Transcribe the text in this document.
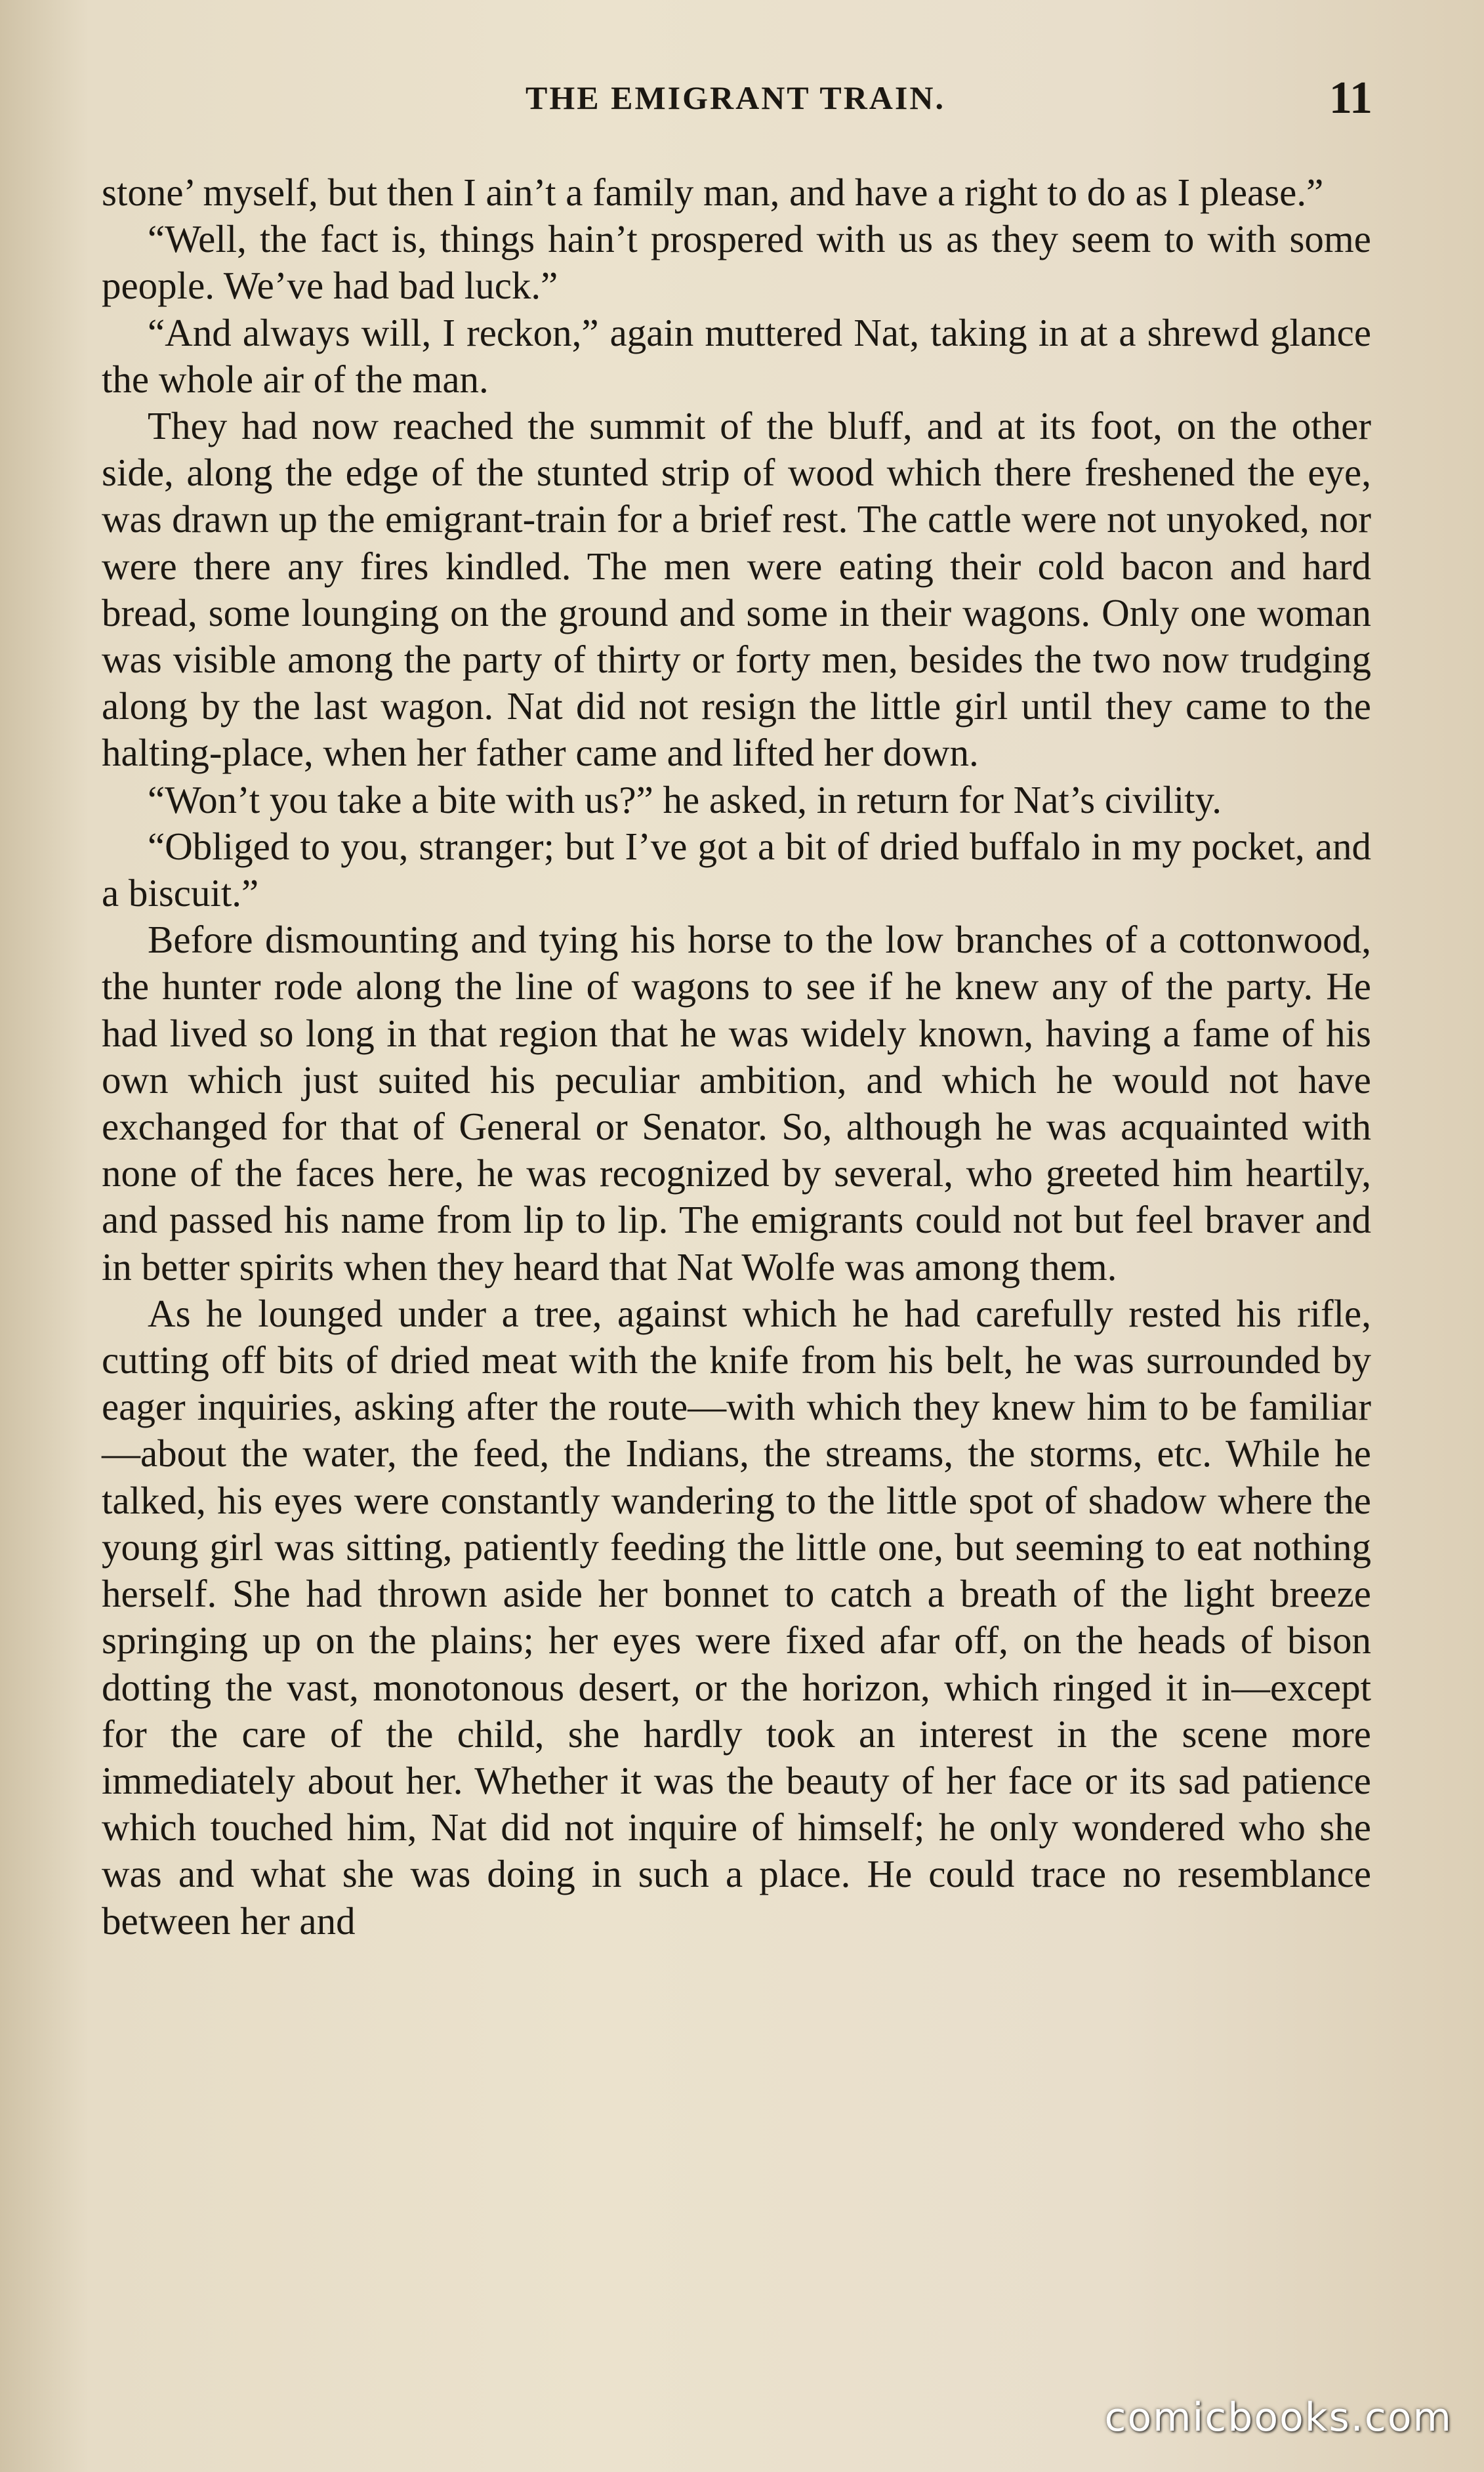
THE EMIGRANT TRAIN.	11

stone’ myself, but then I ain’t a family man, and have a right to do as I please.”

“Well, the fact is, things hain’t prospered with us as they seem to with some people. We’ve had bad luck.”

“And always will, I reckon,” again muttered Nat, taking in at a shrewd glance the whole air of the man.

They had now reached the summit of the bluff, and at its foot, on the other side, along the edge of the stunted strip of wood which there freshened the eye, was drawn up the emigrant-train for a brief rest. The cattle were not unyoked, nor were there any fires kindled. The men were eating their cold bacon and hard bread, some lounging on the ground and some in their wagons. Only one woman was visible among the party of thirty or forty men, besides the two now trudging along by the last wagon. Nat did not resign the little girl until they came to the halting-place, when her father came and lifted her down.

“Won’t you take a bite with us?” he asked, in return for Nat’s civility.

“Obliged to you, stranger; but I’ve got a bit of dried buffalo in my pocket, and a biscuit.”

Before dismounting and tying his horse to the low branches of a cottonwood, the hunter rode along the line of wagons to see if he knew any of the party. He had lived so long in that region that he was widely known, having a fame of his own which just suited his peculiar ambition, and which he would not have exchanged for that of General or Senator. So, although he was acquainted with none of the faces here, he was recognized by several, who greeted him heartily, and passed his name from lip to lip. The emigrants could not but feel braver and in better spirits when they heard that Nat Wolfe was among them.

As he lounged under a tree, against which he had carefully rested his rifle, cutting off bits of dried meat with the knife from his belt, he was surrounded by eager inquiries, asking after the route—with which they knew him to be familiar—about the water, the feed, the Indians, the streams, the storms, etc. While he talked, his eyes were constantly wandering to the little spot of shadow where the young girl was sitting, patiently feeding the little one, but seeming to eat nothing herself. She had thrown aside her bonnet to catch a breath of the light breeze springing up on the plains; her eyes were fixed afar off, on the heads of bison dotting the vast, monotonous desert, or the horizon, which ringed it in—except for the care of the child, she hardly took an interest in the scene more immediately about her. Whether it was the beauty of her face or its sad patience which touched him, Nat did not inquire of himself; he only wondered who she was and what she was doing in such a place. He could trace no resemblance between her and

comicbooks.com
